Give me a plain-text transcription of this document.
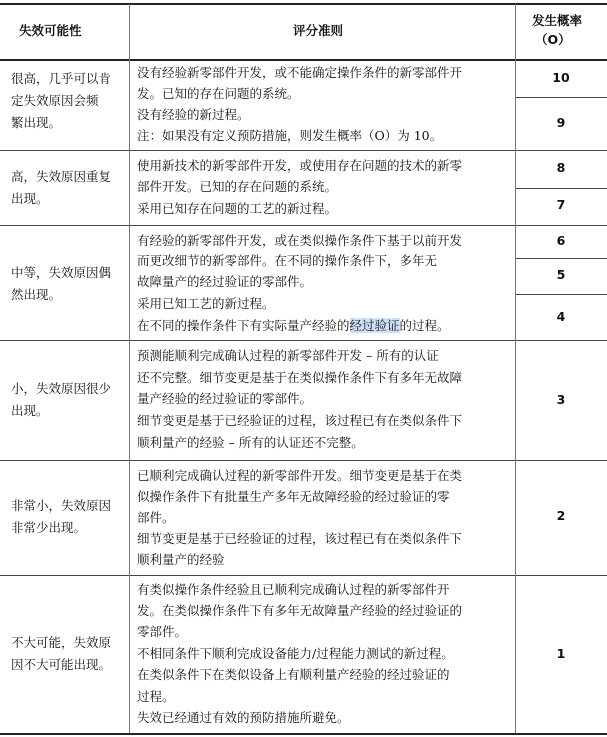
失效可能性	评分准则
发生概率
（O）
很高，几乎可以肯
定失效原因会频
繁出现。
没有经验新零部件开发，或不能确定操作条件的新零部件开
发。已知的存在问题的系统。
没有经验的新过程。
注：如果没有定义预防措施，则发生概率（O）为 10。
10
9
高，失效原因重复
出现。
使用新技术的新零部件开发，或使用存在问题的技术的新零
部件开发。已知的存在问题的系统。
采用已知存在问题的工艺的新过程。
8
7
中等，失效原因偶
然出现。
有经验的新零部件开发，或在类似操作条件下基于以前开发
而更改细节的新零部件。在不同的操作条件下，多年无
故障量产的经过验证的零部件。
采用已知工艺的新过程。
在不同的操作条件下有实际量产经验的经过验证的过程。
6
5
4
小，失效原因很少
出现。
预测能顺利完成确认过程的新零部件开发 – 所有的认证
还不完整。细节变更是基于在类似操作条件下有多年无故障
量产经验的经过验证的零部件。
细节变更是基于已经验证的过程，该过程已有在类似条件下
顺利量产的经验 – 所有的认证还不完整。
3
非常小，失效原因
非常少出现。
已顺利完成确认过程的新零部件开发。细节变更是基于在类
似操作条件下有批量生产多年无故障经验的经过验证的零
部件。
细节变更是基于已经验证的过程，该过程已有在类似条件下
顺利量产的经验
2
不大可能，失效原
因不大可能出现。
有类似操作条件经验且已顺利完成确认过程的新零部件开
发。在类似操作条件下有多年无故障量产经验的经过验证的
零部件。
不相同条件下顺利完成设备能力/过程能力测试的新过程。
在类似条件下在类似设备上有顺利量产经验的经过验证的
过程。
失效已经通过有效的预防措施所避免。
1
